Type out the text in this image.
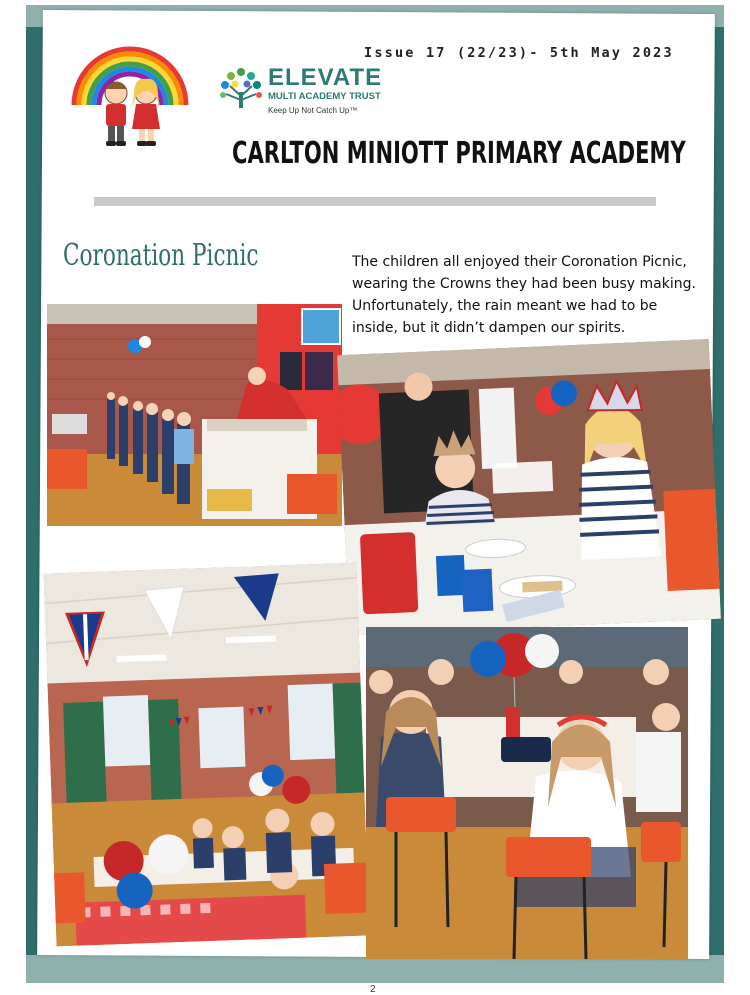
Issue 17 (22/23)- 5th May 2023
ELEVATE
MULTI ACADEMY TRUST
Keep Up Not Catch Up™
CARLTON MINIOTT PRIMARY ACADEMY
Coronation Picnic	The children all enjoyed their Coronation Picnic, wearing the Crowns they had been busy making. Unfortunately, the rain meant we had to be inside, but it didn’t dampen our spirits.
2
